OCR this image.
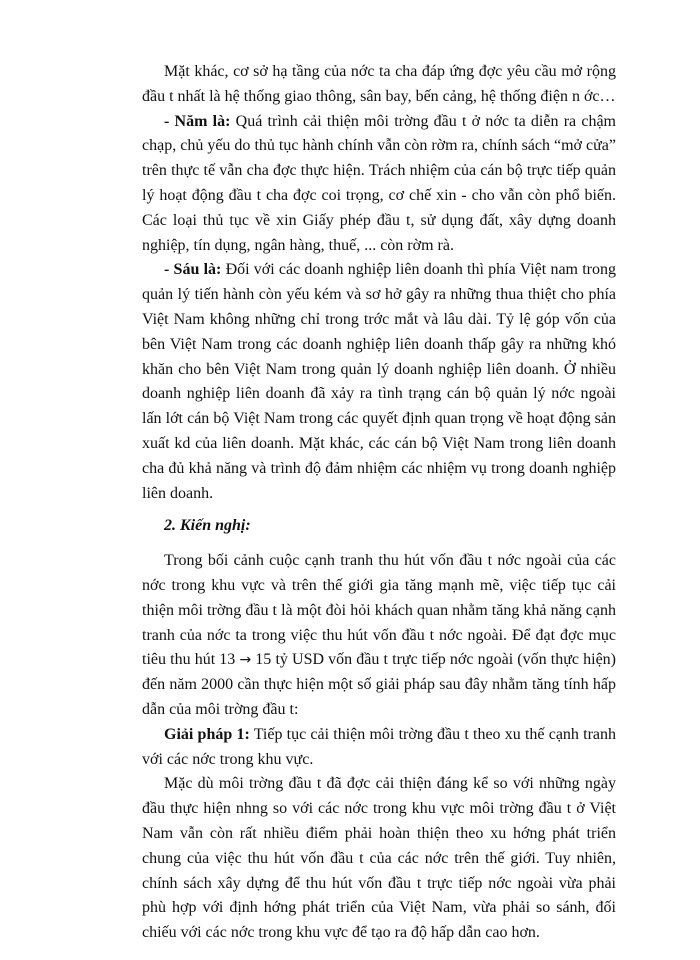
Mặt khác, cơ sở hạ tầng của nớc ta cha đáp ứng đợc yêu cầu mở rộng đầu t nhất là hệ thống giao thông, sân bay, bến cảng, hệ thống điện n ớc…

- Năm là: Quá trình cải thiện môi trờng đầu t ở nớc ta diễn ra chậm chạp, chủ yếu do thủ tục hành chính vẫn còn rờm ra, chính sách “mở cửa” trên thực tế vẫn cha đợc thực hiện. Trách nhiệm của cán bộ trực tiếp quản lý hoạt động đầu t cha đợc coi trọng, cơ chế xin - cho vẫn còn phổ biến. Các loại thủ tục về xin Giấy phép đầu t, sử dụng đất, xây dựng doanh nghiệp, tín dụng, ngân hàng, thuế, ... còn rờm rà.

- Sáu là: Đối với các doanh nghiệp liên doanh thì phía Việt nam trong quản lý tiến hành còn yếu kém và sơ hở gây ra những thua thiệt cho phía Việt Nam không những chỉ trong trớc mắt và lâu dài. Tỷ lệ góp vốn của bên Việt Nam trong các doanh nghiệp liên doanh thấp gây ra những khó khăn cho bên Việt Nam trong quản lý doanh nghiệp liên doanh. Ở nhiều doanh nghiệp liên doanh đã xảy ra tình trạng cán bộ quản lý nớc ngoài lấn lớt cán bộ Việt Nam trong các quyết định quan trọng về hoạt động sản xuất kd của liên doanh. Mặt khác, các cán bộ Việt Nam trong liên doanh cha đủ khả năng và trình độ đảm nhiệm các nhiệm vụ trong doanh nghiệp liên doanh.

2. Kiến nghị:

Trong bối cảnh cuộc cạnh tranh thu hút vốn đầu t nớc ngoài của các nớc trong khu vực và trên thế giới gia tăng mạnh mẽ, việc tiếp tục cải thiện môi trờng đầu t là một đòi hỏi khách quan nhằm tăng khả năng cạnh tranh của nớc ta trong việc thu hút vốn đầu t nớc ngoài. Để đạt đợc mục tiêu thu hút 13 → 15 tỷ USD vốn đầu t trực tiếp nớc ngoài (vốn thực hiện) đến năm 2000 cần thực hiện một số giải pháp sau đây nhằm tăng tính hấp dẫn của môi trờng đầu t:

Giải pháp 1: Tiếp tục cải thiện môi trờng đầu t theo xu thế cạnh tranh với các nớc trong khu vực.

Mặc dù môi trờng đầu t đã đợc cải thiện đáng kể so với những ngày đầu thực hiện nhng so với các nớc trong khu vực môi trờng đầu t ở Việt Nam vẫn còn rất nhiều điểm phải hoàn thiện theo xu hớng phát triển chung của việc thu hút vốn đầu t của các nớc trên thế giới. Tuy nhiên, chính sách xây dựng để thu hút vốn đầu t trực tiếp nớc ngoài vừa phải phù hợp với định hớng phát triển của Việt Nam, vừa phải so sánh, đối chiếu với các nớc trong khu vực để tạo ra độ hấp dẫn cao hơn.
